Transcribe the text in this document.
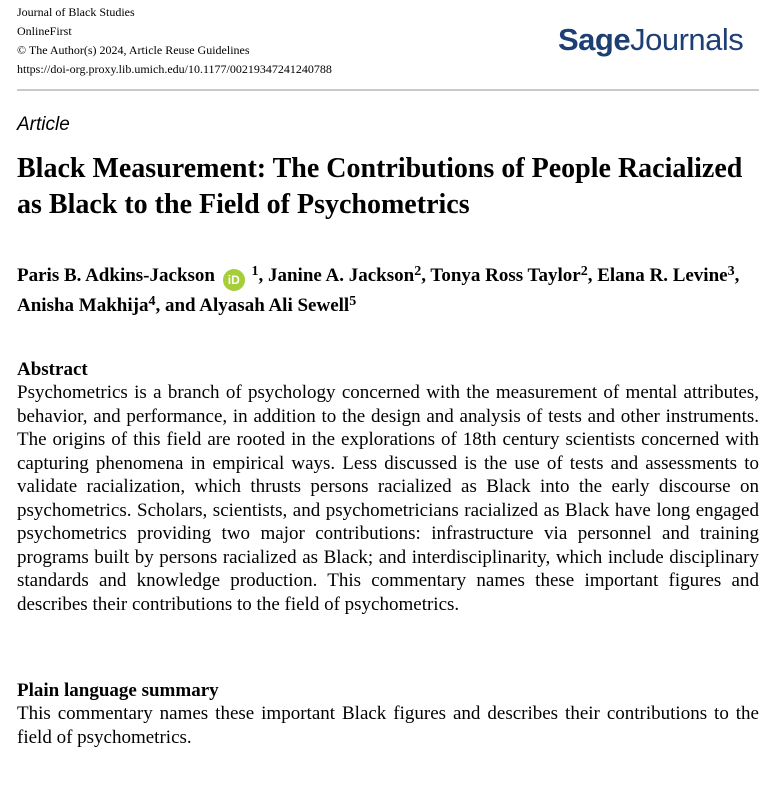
Journal of Black Studies
OnlineFirst
© The Author(s) 2024, Article Reuse Guidelines
https://doi-org.proxy.lib.umich.edu/10.1177/00219347241240788
SageJournals
Article
Black Measurement: The Contributions of People Racialized as Black to the Field of Psychometrics
Paris B. Adkins-Jackson iD $^1$, Janine A. Jackson$^2$, Tonya Ross Taylor$^2$, Elana R. Levine$^3$, Anisha Makhija$^4$, and Alyasah Ali Sewell$^5$
Abstract
Psychometrics is a branch of psychology concerned with the measurement of mental attributes, behavior, and performance, in addition to the design and analysis of tests and other instruments. The origins of this field are rooted in the explorations of 18th century scientists concerned with capturing phenomena in empirical ways. Less discussed is the use of tests and assessments to validate racialization, which thrusts persons racialized as Black into the early discourse on psychometrics. Scholars, scientists, and psychometricians racialized as Black have long engaged psychometrics providing two major contributions: infrastructure via personnel and training programs built by persons racialized as Black; and interdisciplinarity, which include disciplinary standards and knowledge production. This commentary names these important figures and describes their contributions to the field of psychometrics.
Plain language summary
This commentary names these important Black figures and describes their contributions to the field of psychometrics.
